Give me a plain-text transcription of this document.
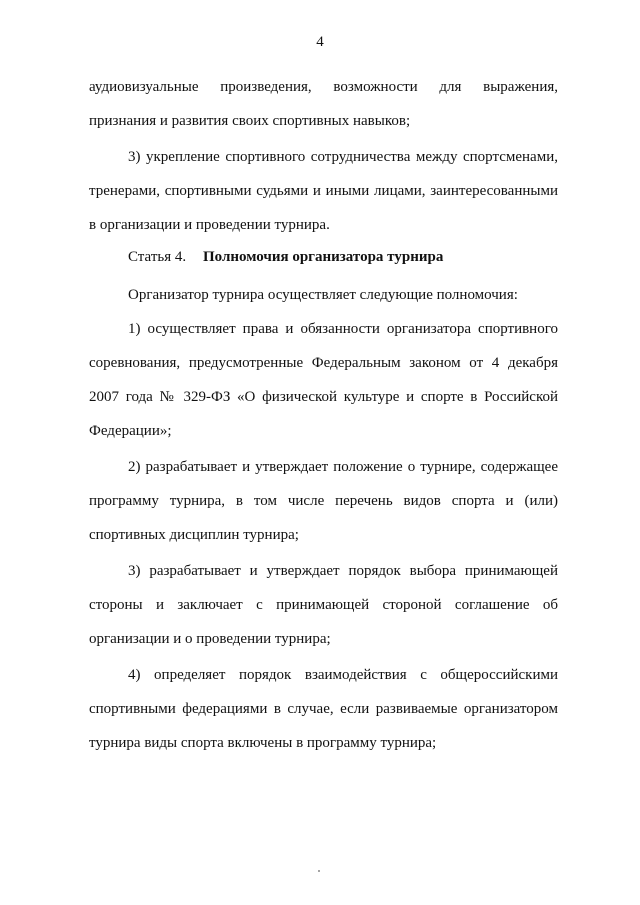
4
аудиовизуальные произведения, возможности для выражения,
признания и развития своих спортивных навыков;
3) укрепление спортивного сотрудничества между спортсменами,
тренерами, спортивными судьями и иными лицами, заинтересованными
в организации и проведении турнира.
Статья 4. Полномочия организатора турнира
Организатор турнира осуществляет следующие полномочия:
1) осуществляет права и обязанности организатора спортивного
соревнования, предусмотренные Федеральным законом от 4 декабря
2007 года № 329-ФЗ «О физической культуре и спорте в Российской
Федерации»;
2) разрабатывает и утверждает положение о турнире, содержащее
программу турнира, в том числе перечень видов спорта и (или)
спортивных дисциплин турнира;
3) разрабатывает и утверждает порядок выбора принимающей
стороны и заключает с принимающей стороной соглашение об
организации и о проведении турнира;
4) определяет порядок взаимодействия с общероссийскими
спортивными федерациями в случае, если развиваемые организатором
турнира виды спорта включены в программу турнира;
